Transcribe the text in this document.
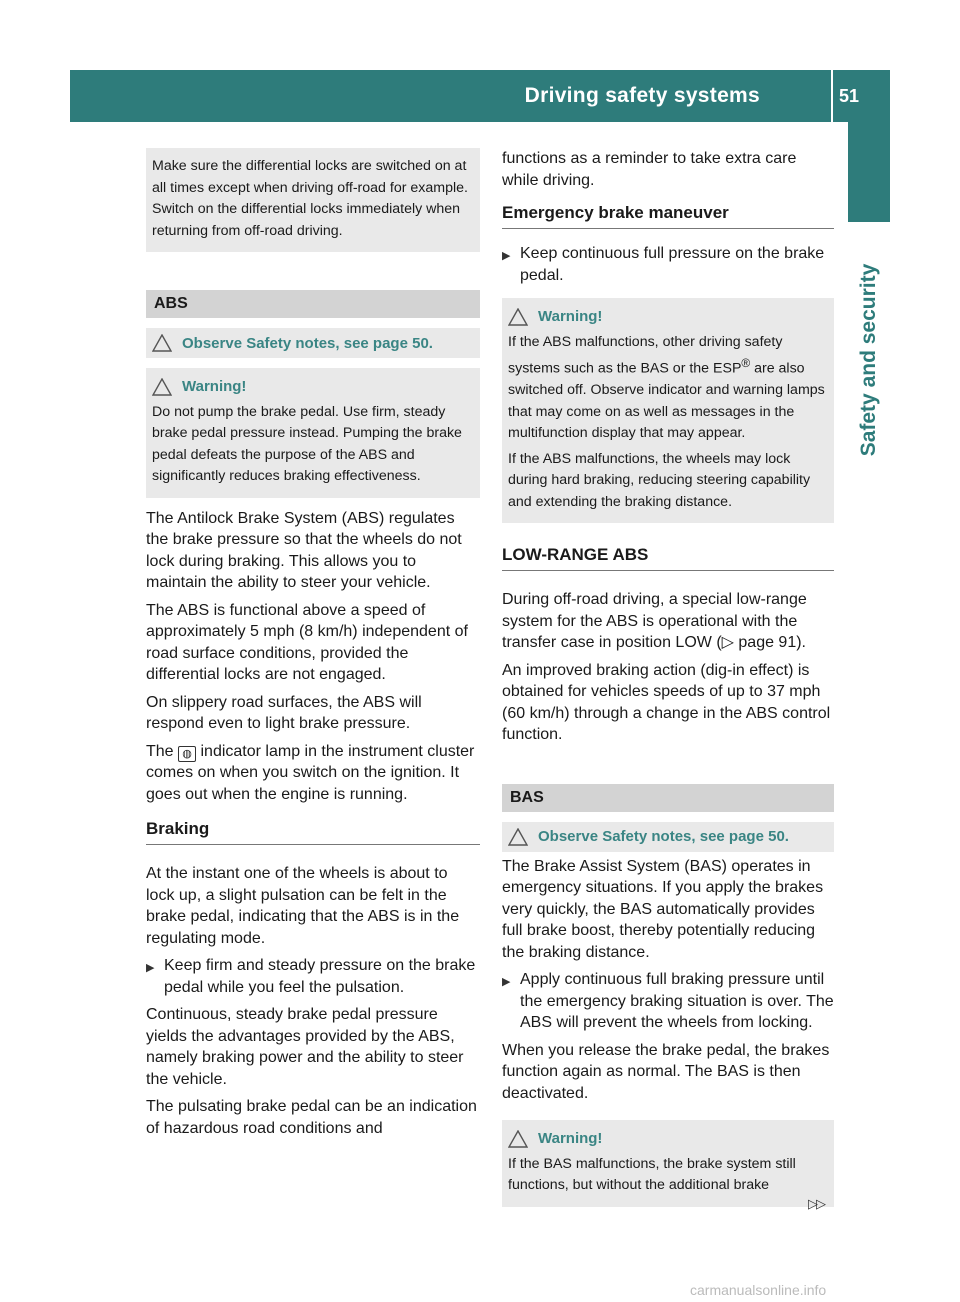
Driving safety systems	51
Safety and security

Make sure the differential locks are switched on at all times except when driving off-road for example. Switch on the differential locks immediately when returning from off-road driving.

ABS
Observe Safety notes, see page 50.
Warning!

Do not pump the brake pedal. Use firm, steady brake pedal pressure instead. Pumping the brake pedal defeats the purpose of the ABS and significantly reduces braking effectiveness.

The Antilock Brake System (ABS) regulates the brake pressure so that the wheels do not lock during braking. This allows you to maintain the ability to steer your vehicle.

The ABS is functional above a speed of approximately 5 mph (8 km/h) independent of road surface conditions, provided the differential locks are not engaged.

On slippery road surfaces, the ABS will respond even to light brake pressure.

The ◍ indicator lamp in the instrument cluster comes on when you switch on the ignition. It goes out when the engine is running.

Braking

At the instant one of the wheels is about to lock up, a slight pulsation can be felt in the brake pedal, indicating that the ABS is in the regulating mode.

▶ Keep firm and steady pressure on the brake pedal while you feel the pulsation.

Continuous, steady brake pedal pressure yields the advantages provided by the ABS, namely braking power and the ability to steer the vehicle.

The pulsating brake pedal can be an indication of hazardous road conditions and

functions as a reminder to take extra care while driving.

Emergency brake maneuver
▶ Keep continuous full pressure on the brake pedal.
Warning!

If the ABS malfunctions, other driving safety systems such as the BAS or the ESP® are also switched off. Observe indicator and warning lamps that may come on as well as messages in the multifunction display that may appear.

If the ABS malfunctions, the wheels may lock during hard braking, reducing steering capability and extending the braking distance.

LOW-RANGE ABS

During off-road driving, a special low-range system for the ABS is operational with the transfer case in position LOW (▷ page 91).

An improved braking action (dig-in effect) is obtained for vehicles speeds of up to 37 mph (60 km/h) through a change in the ABS control function.

BAS
Observe Safety notes, see page 50.

The Brake Assist System (BAS) operates in emergency situations. If you apply the brakes very quickly, the BAS automatically provides full brake boost, thereby potentially reducing the braking distance.

▶ Apply continuous full braking pressure until the emergency braking situation is over. The ABS will prevent the wheels from locking.

When you release the brake pedal, the brakes function again as normal. The BAS is then deactivated.

Warning!

If the BAS malfunctions, the brake system still functions, but without the additional brake

▷▷
carmanualsonline.info
